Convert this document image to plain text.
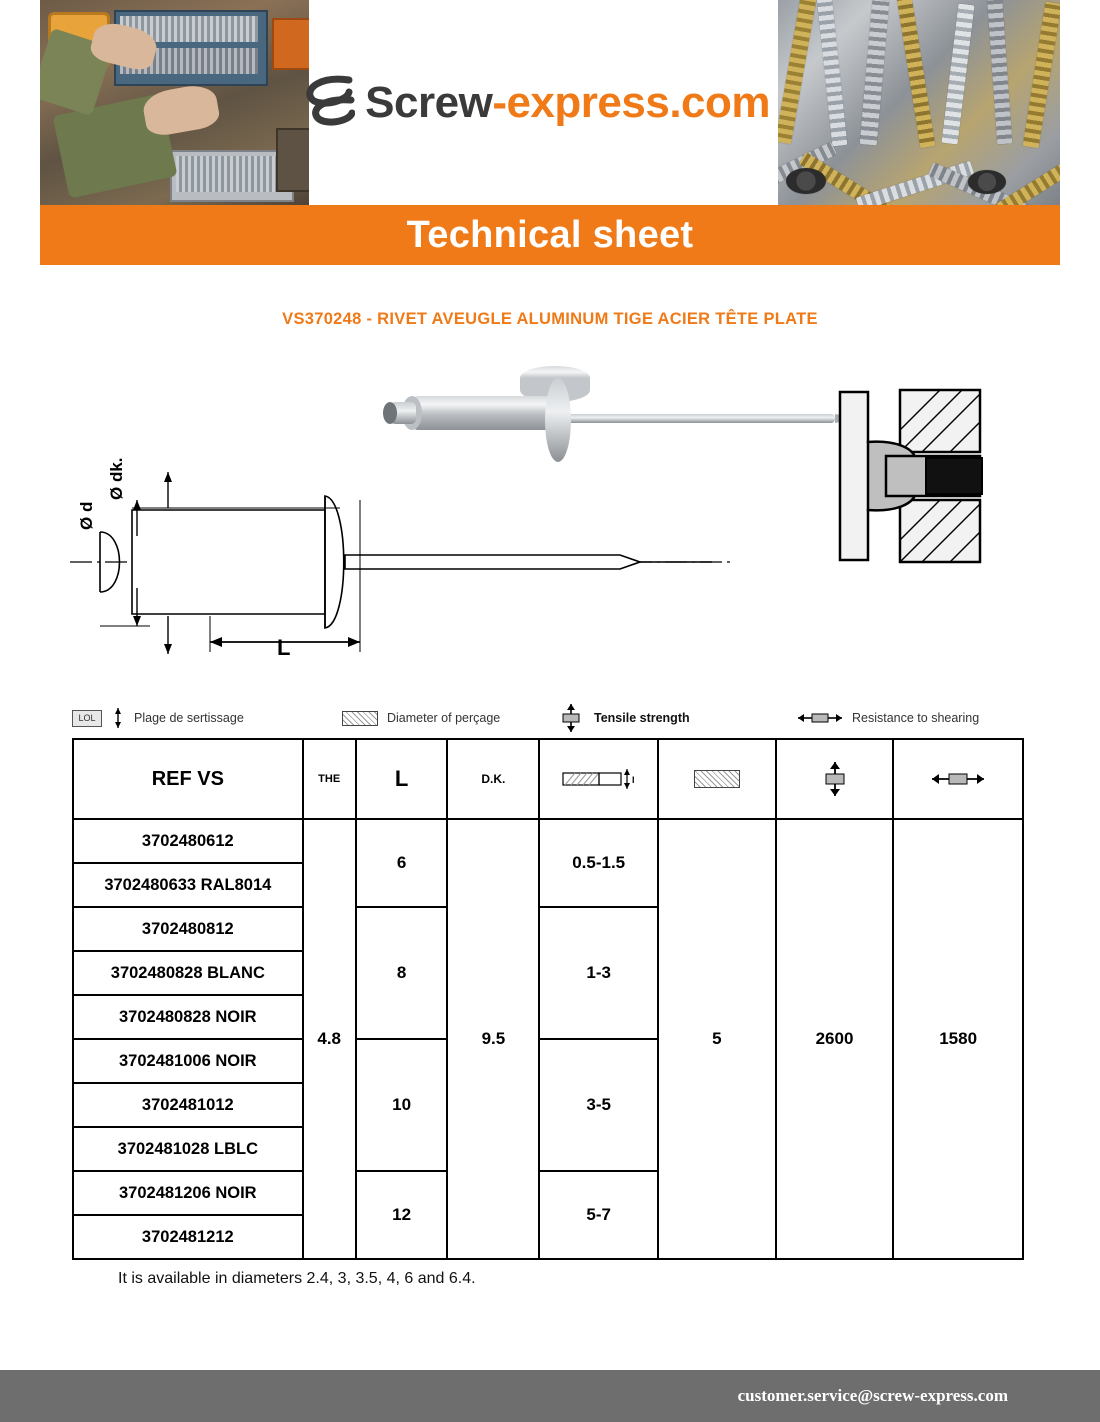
Screw-express.com
Technical sheet
VS370248 - RIVET AVEUGLE ALUMINUM TIGE ACIER TÊTE PLATE
Ø d
Ø dk.
L
LOL	Plage de sertissage	Diameter of perçage	Tensile strength	Resistance to shearing
REF VS	THE	L	D.K.	I

3702480612	4.8	6	9.5	0.5-1.5	5	2600	1580
3702480633 RAL8014							
3702480812		8		1-3			
3702480828 BLANC							
3702480828 NOIR							
3702481006 NOIR		10		3-5			
3702481012							
3702481028 LBLC							
3702481206 NOIR		12		5-7			
3702481212							
It is available in diameters 2.4, 3, 3.5, 4, 6 and 6.4.
customer.service@screw-express.com
